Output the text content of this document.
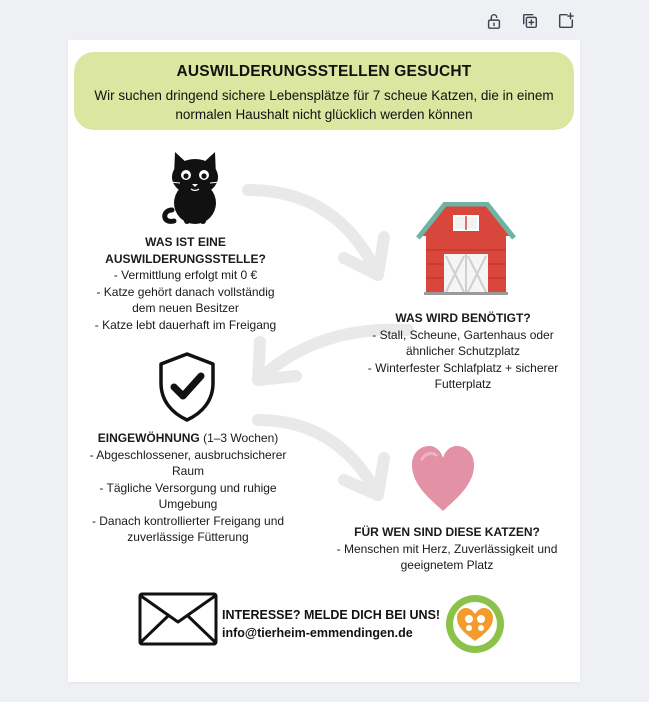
AUSWILDERUNGSSTELLEN GESUCHT
Wir suchen dringend sichere Lebensplätze für 7 scheue Katzen, die in einem normalen Haushalt nicht glücklich werden können
WAS IST EINE
AUSWILDERUNGSSTELLE?
- Vermittlung erfolgt mit 0 €
- Katze gehört danach vollständig
dem neuen Besitzer
- Katze lebt dauerhaft im Freigang	WAS WIRD BENÖTIGT?
- Stall, Scheune, Gartenhaus oder
ähnlicher Schutzplatz
- Winterfester Schlafplatz + sicherer
Futterplatz
EINGEWÖHNUNG (1–3 Wochen)
- Abgeschlossener, ausbruchsicherer
Raum
- Tägliche Versorgung und ruhige
Umgebung
- Danach kontrollierter Freigang und
zuverlässige Fütterung	FÜR WEN SIND DIESE KATZEN?
- Menschen mit Herz, Zuverlässigkeit und
geeignetem Platz
INTERESSE? MELDE DICH BEI UNS!
info@tierheim-emmendingen.de
